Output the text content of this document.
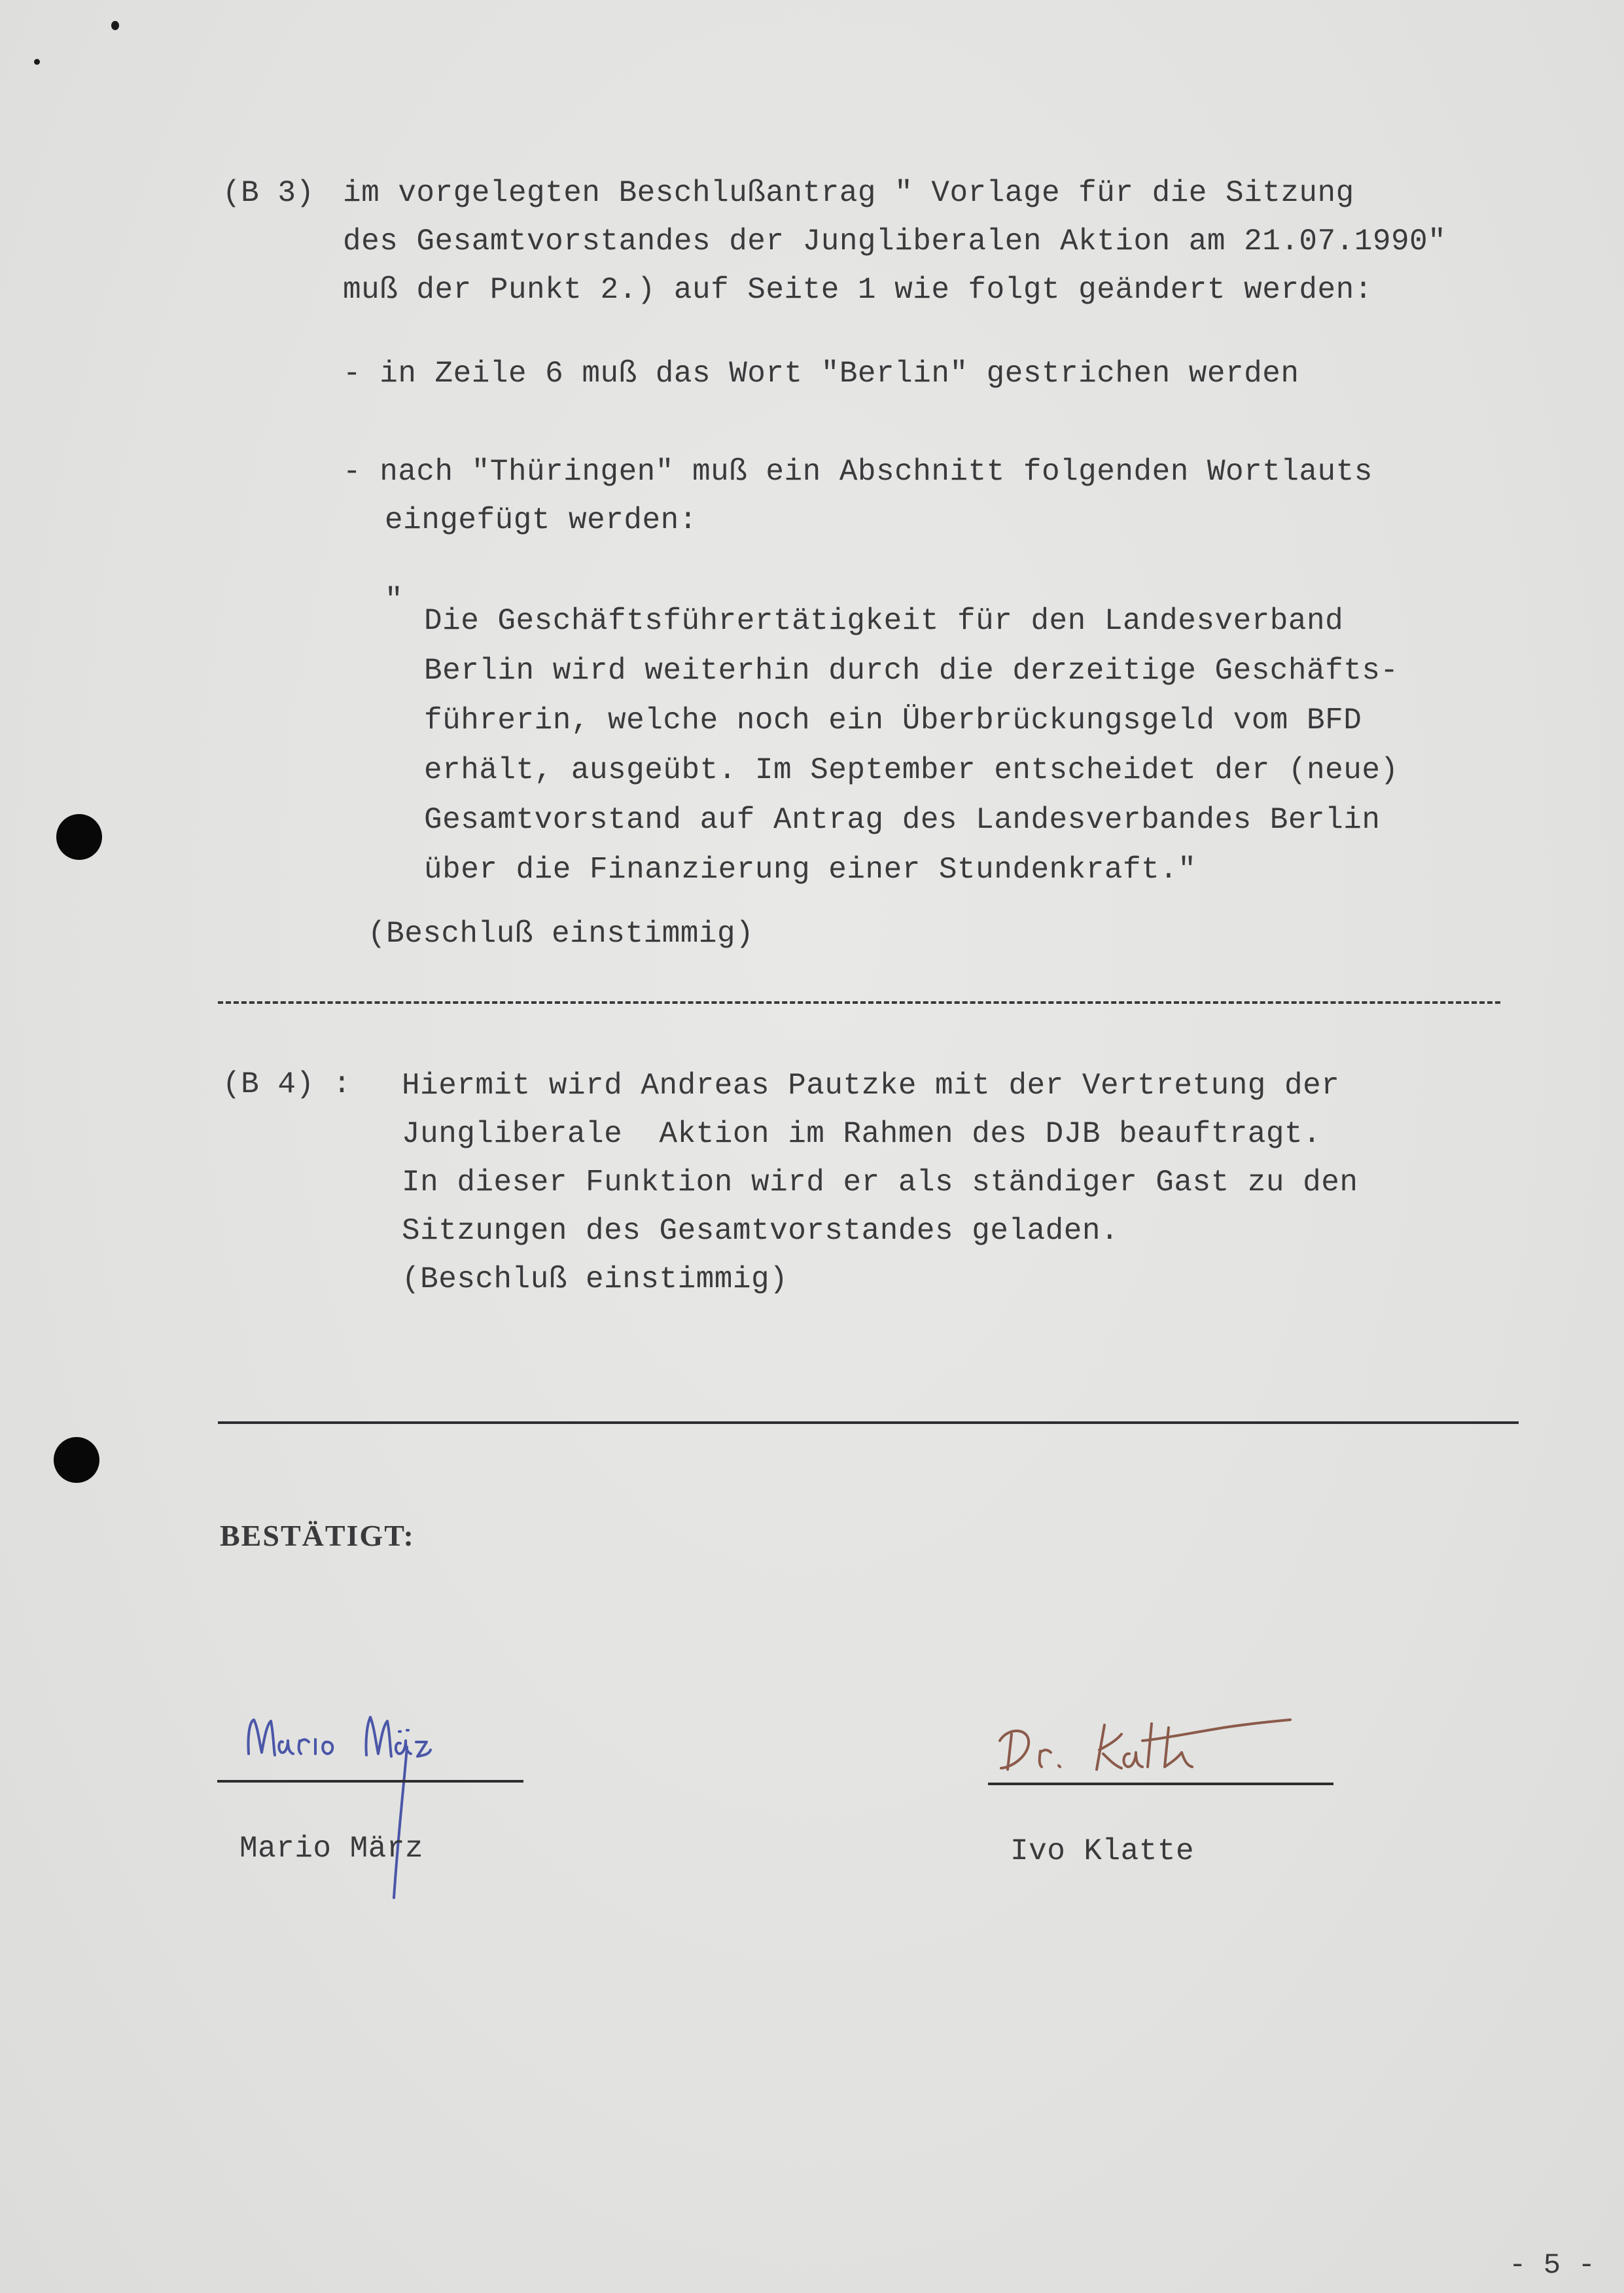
(B 3) im vorgelegten Beschlußantrag " Vorlage für die Sitzung
des Gesamtvorstandes der Jungliberalen Aktion am 21.07.1990"
muß der Punkt 2.) auf Seite 1 wie folgt geändert werden:
- in Zeile 6 muß das Wort "Berlin" gestrichen werden
- nach "Thüringen" muß ein Abschnitt folgenden Wortlauts
eingefügt werden:
"
Die Geschäftsführertätigkeit für den Landesverband
Berlin wird weiterhin durch die derzeitige Geschäfts-
führerin, welche noch ein Überbrückungsgeld vom BFD
erhält, ausgeübt. Im September entscheidet der (neue)
Gesamtvorstand auf Antrag des Landesverbandes Berlin
über die Finanzierung einer Stundenkraft."
(Beschluß einstimmig)
(B 4) : Hiermit wird Andreas Pautzke mit der Vertretung der
Jungliberale  Aktion im Rahmen des DJB beauftragt.
In dieser Funktion wird er als ständiger Gast zu den
Sitzungen des Gesamtvorstandes geladen.
(Beschluß einstimmig)
BESTÄTIGT:
Mario März	Ivo Klatte
- 5 -
